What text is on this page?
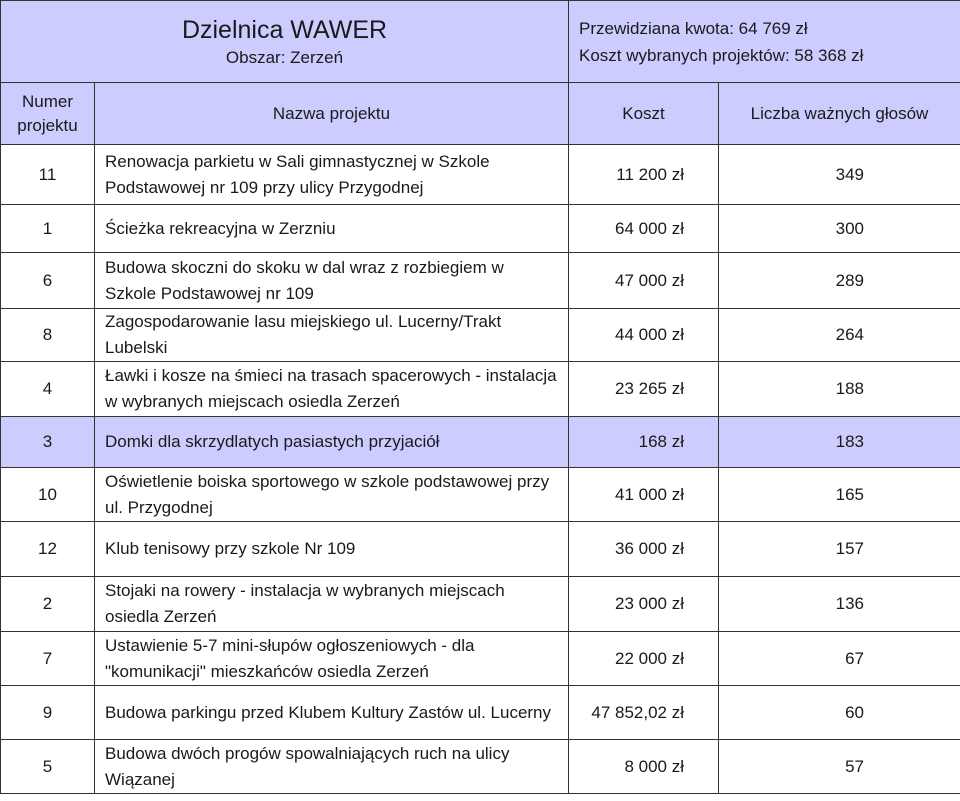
Dzielnica WAWER
Obszar: Zerzeń		Przewidziana kwota: 64 769 zł
Koszt wybranych projektów: 58 368 zł	

Numer projektu	Nazwa projektu	Koszt	Liczba ważnych głosów
11	Renowacja parkietu w Sali gimnastycznej w Szkole Podstawowej nr 109 przy ulicy Przygodnej	11 200 zł	349
1	Ścieżka rekreacyjna w Zerzniu	64 000 zł	300
6	Budowa skoczni do skoku w dal wraz z rozbiegiem w Szkole Podstawowej nr 109	47 000 zł	289
8	Zagospodarowanie lasu miejskiego ul. Lucerny/Trakt Lubelski	44 000 zł	264
4	Ławki i kosze na śmieci na trasach spacerowych - instalacja w wybranych miejscach osiedla Zerzeń	23 265 zł	188
3	Domki dla skrzydlatych pasiastych przyjaciół	168 zł	183
10	Oświetlenie boiska sportowego w szkole podstawowej przy ul. Przygodnej	41 000 zł	165
12	Klub tenisowy przy szkole Nr 109	36 000 zł	157
2	Stojaki na rowery - instalacja w wybranych miejscach osiedla Zerzeń	23 000 zł	136
7	Ustawienie 5-7 mini-słupów ogłoszeniowych - dla "komunikacji" mieszkańców osiedla Zerzeń	22 000 zł	67
9	Budowa parkingu przed Klubem Kultury Zastów ul. Lucerny	47 852,02 zł	60
5	Budowa dwóch progów spowalniających ruch na ulicy Wiązanej	8 000 zł	57
